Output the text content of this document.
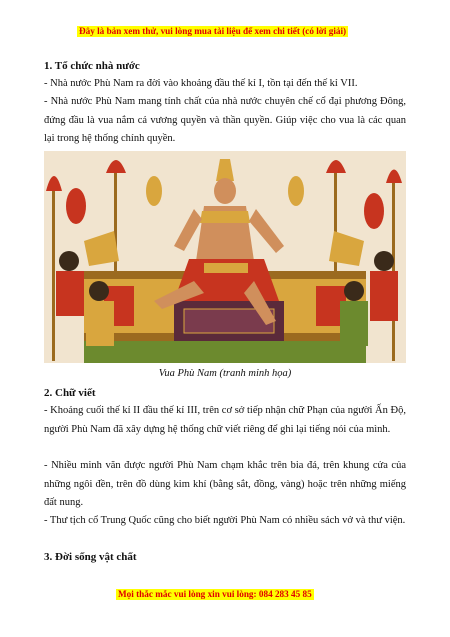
Đây là bản xem thử, vui lòng mua tài liệu để xem chi tiết (có lời giải)

1. Tổ chức nhà nước

- Nhà nước Phù Nam ra đời vào khoảng đầu thế kỉ I, tồn tại đến thế kỉ VII.

- Nhà nước Phù Nam mang tính chất của nhà nước chuyên chế cổ đại phương Đông, đứng đầu là vua nắm cả vương quyền và thần quyền. Giúp việc cho vua là các quan lại trong hệ thống chính quyền.

Vua Phù Nam (tranh minh họa)

2. Chữ viết

- Khoảng cuối thế kỉ II đầu thế kỉ III, trên cơ sở tiếp nhận chữ Phạn của người Ấn Độ, người Phù Nam đã xây dựng hệ thống chữ viết riêng để ghi lại tiếng nói của mình.

- Nhiều minh văn được người Phù Nam chạm khắc trên bia đá, trên khung cửa của những ngôi đền, trên đồ dùng kim khí (bằng sắt, đồng, vàng) hoặc trên những miếng đất nung.

- Thư tịch cổ Trung Quốc cũng cho biết người Phù Nam có nhiều sách vở và thư viện.

3. Đời sống vật chất

Mọi thắc mắc vui lòng xin vui lòng: 084 283 45 85
